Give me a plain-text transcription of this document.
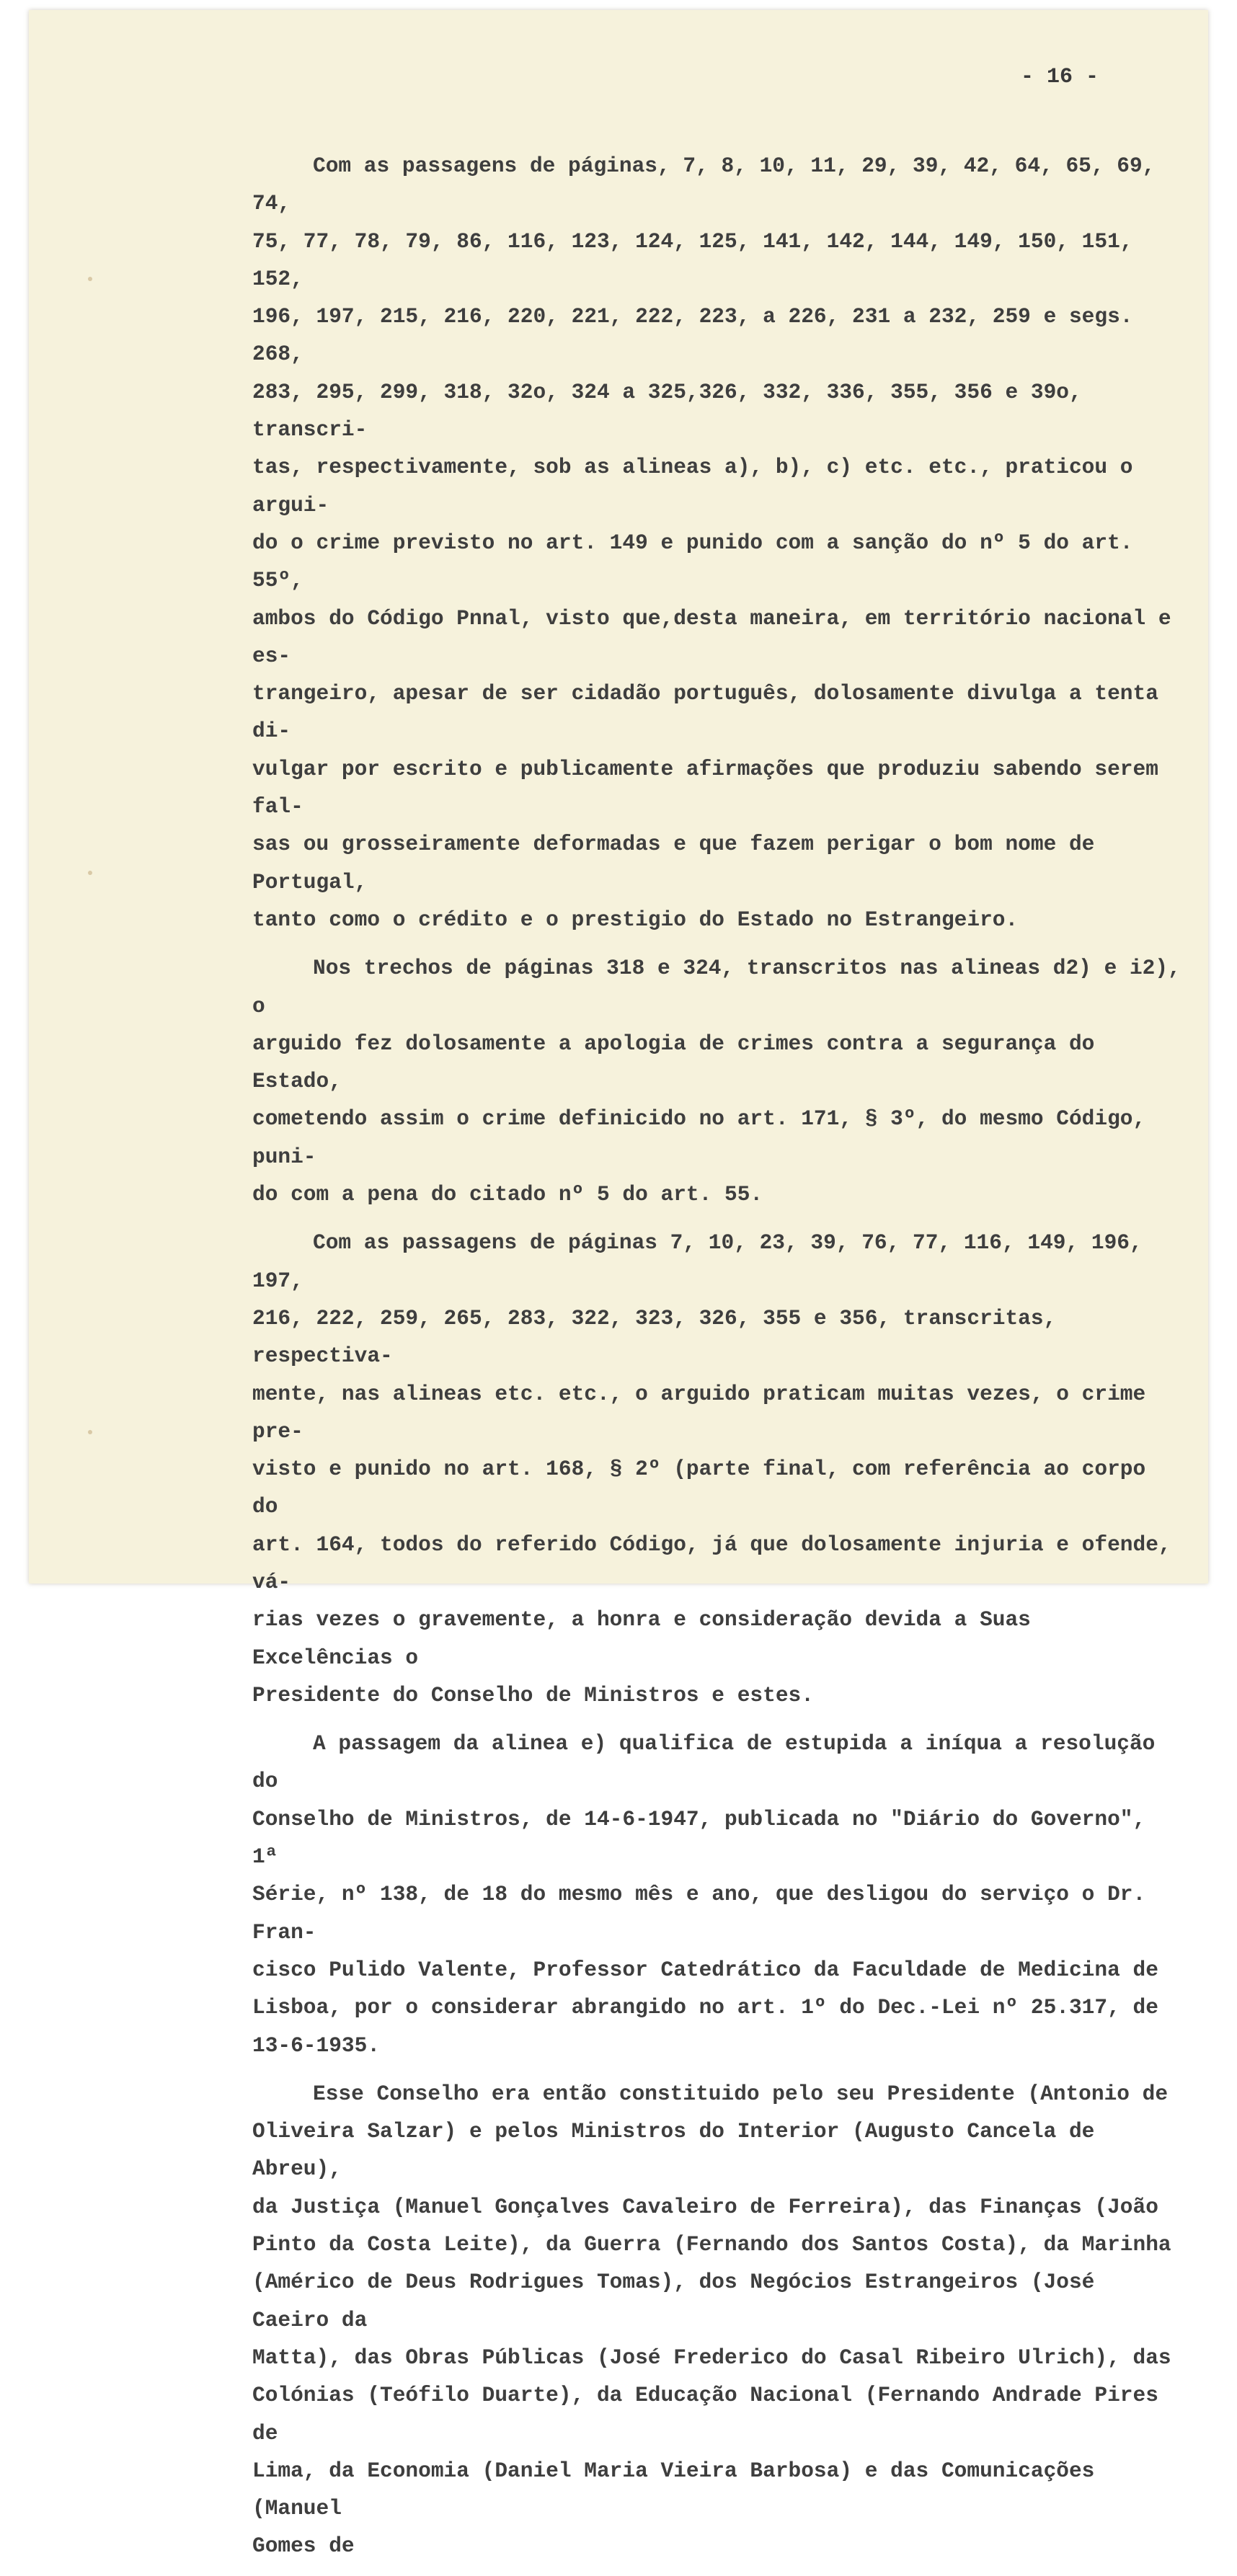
- 16 -

Com as passagens de páginas, 7, 8, 10, 11, 29, 39, 42, 64, 65, 69, 74,
75, 77, 78, 79, 86, 116, 123, 124, 125, 141, 142, 144, 149, 150, 151, 152,
196, 197, 215, 216, 220, 221, 222, 223, a 226, 231 a 232, 259 e segs. 268,
283, 295, 299, 318, 32o, 324 a 325,326, 332, 336, 355, 356 e 39o, transcri-
tas, respectivamente, sob as alineas a), b), c) etc. etc., praticou o argui-
do o crime previsto no art. 149 e punido com a sanção do nº 5 do art. 55º,
ambos do Código Pnnal, visto que,desta maneira, em território nacional e es-
trangeiro, apesar de ser cidadão português, dolosamente divulga a tenta di-
vulgar por escrito e publicamente afirmações que produziu sabendo serem fal-
sas ou grosseiramente deformadas e que fazem perigar o bom nome de Portugal,
tanto como o crédito e o prestigio do Estado no Estrangeiro.

Nos trechos de páginas 318 e 324, transcritos nas alineas d2) e i2), o
arguido fez dolosamente a apologia de crimes contra a segurança do Estado,
cometendo assim o crime definicido no art. 171, § 3º, do mesmo Código, puni-
do com a pena do citado nº 5 do art. 55.

Com as passagens de páginas 7, 10, 23, 39, 76, 77, 116, 149, 196, 197,
216, 222, 259, 265, 283, 322, 323, 326, 355 e 356, transcritas, respectiva-
mente, nas alineas etc. etc., o arguido praticam muitas vezes, o crime pre-
visto e punido no art. 168, § 2º (parte final, com referência ao corpo do
art. 164, todos do referido Código, já que dolosamente injuria e ofende, vá-
rias vezes o gravemente, a honra e consideração devida a Suas Excelências o
Presidente do Conselho de Ministros e estes.

A passagem da alinea e) qualifica de estupida a iníqua a resolução do
Conselho de Ministros, de 14-6-1947, publicada no "Diário do Governo", 1ª
Série, nº 138, de 18 do mesmo mês e ano, que desligou do serviço o Dr. Fran-
cisco Pulido Valente, Professor Catedrático da Faculdade de Medicina de
Lisboa, por o considerar abrangido no art. 1º do Dec.-Lei nº 25.317, de
13-6-1935.

Esse Conselho era então constituido pelo seu Presidente (Antonio de
Oliveira Salzar) e pelos Ministros do Interior (Augusto Cancela de Abreu),
da Justiça (Manuel Gonçalves Cavaleiro de Ferreira), das Finanças (João
Pinto da Costa Leite), da Guerra (Fernando dos Santos Costa), da Marinha
(Américo de Deus Rodrigues Tomas), dos Negócios Estrangeiros (José Caeiro da
Matta), das Obras Públicas (José Frederico do Casal Ribeiro Ulrich), das
Colónias (Teófilo Duarte), da Educação Nacional (Fernando Andrade Pires de
Lima, da Economia (Daniel Maria Vieira Barbosa) e das Comunicações (Manuel
Gomes de
